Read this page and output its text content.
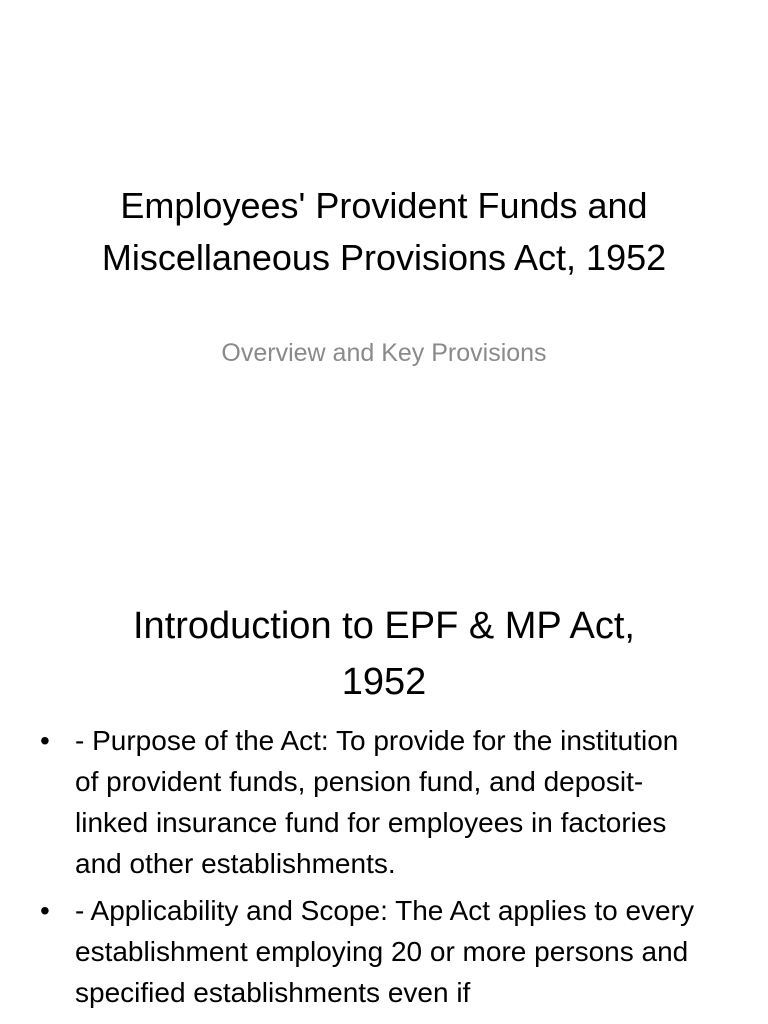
Employees' Provident Funds and
Miscellaneous Provisions Act, 1952

Overview and Key Provisions

Introduction to EPF & MP Act,
1952
• - Purpose of the Act: To provide for the institution of provident funds, pension fund, and deposit-linked insurance fund for employees in factories and other establishments.
• - Applicability and Scope: The Act applies to every establishment employing 20 or more persons and specified establishments even if
